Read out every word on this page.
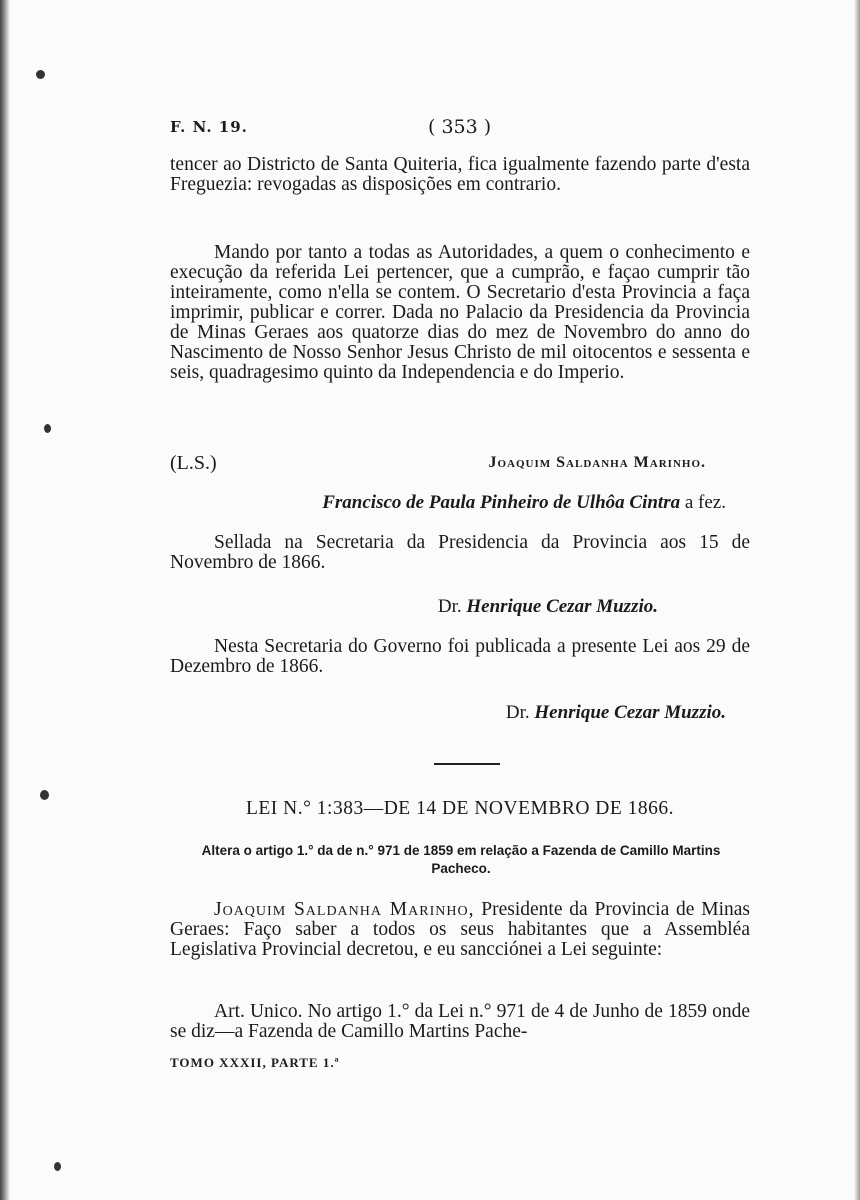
F. N. 19.	( 353 )
tencer ao Districto de Santa Quiteria, fica igualmente fazendo parte d'esta Freguezia: revogadas as disposições em contrario.
Mando por tanto a todas as Autoridades, a quem o conhecimento e execução da referida Lei pertencer, que a cumprão, e façao cumprir tão inteiramente, como n'ella se contem. O Secretario d'esta Provincia a faça imprimir, publicar e correr. Dada no Palacio da Presidencia da Provincia de Minas Geraes aos quatorze dias do mez de Novembro do anno do Nascimento de Nosso Senhor Jesus Christo de mil oitocentos e sessenta e seis, quadragesimo quinto da Independencia e do Imperio.
(L.S.)	Joaquim Saldanha Marinho.
Francisco de Paula Pinheiro de Ulhôa Cintra a fez.
Sellada na Secretaria da Presidencia da Provincia aos 15 de Novembro de 1866.
Dr. Henrique Cezar Muzzio.
Nesta Secretaria do Governo foi publicada a presente Lei aos 29 de Dezembro de 1866.
Dr. Henrique Cezar Muzzio.
LEI N.° 1:383—DE 14 DE NOVEMBRO DE 1866.
Altera o artigo 1.° da de n.° 971 de 1859 em relação a Fazenda de Camillo Martins Pacheco.
Joaquim Saldanha Marinho, Presidente da Provincia de Minas Geraes: Faço saber a todos os seus habitantes que a Assembléa Legislativa Provincial decretou, e eu sancciónei a Lei seguinte:
Art. Unico. No artigo 1.° da Lei n.° 971 de 4 de Junho de 1859 onde se diz—a Fazenda de Camillo Martins Pache-
TOMO XXXII, PARTE 1.ª
